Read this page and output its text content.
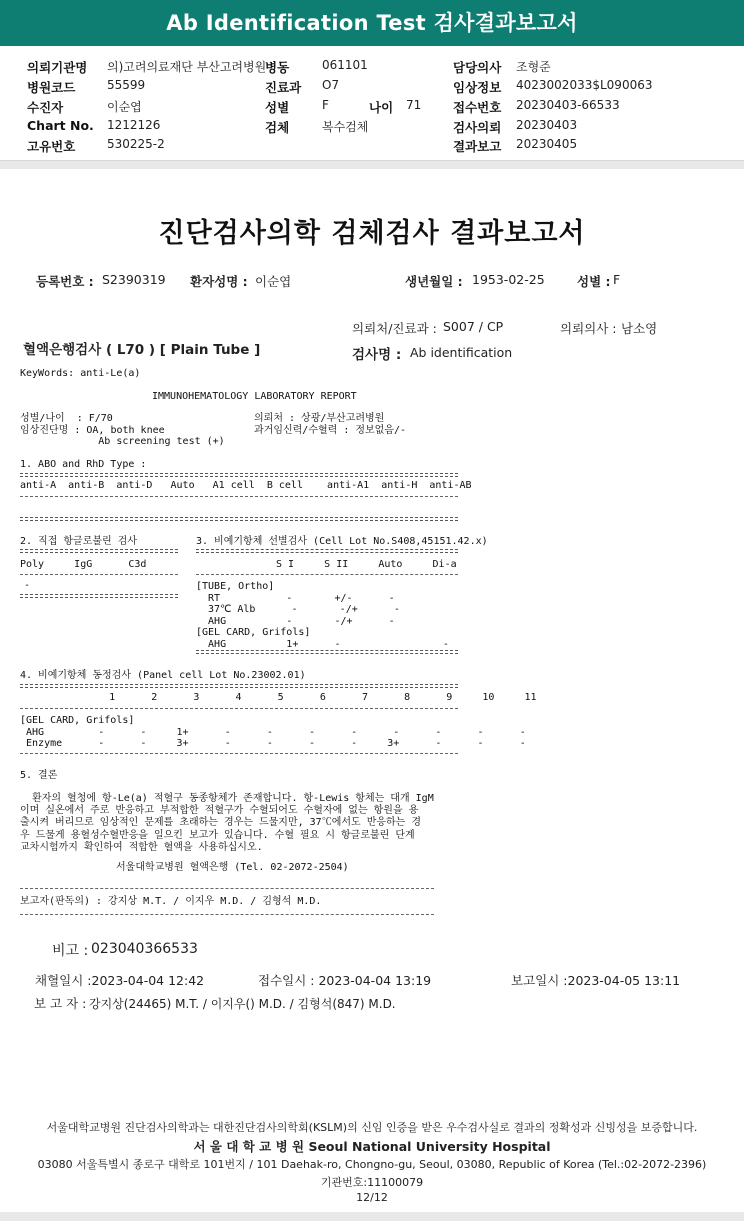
Ab Identification Test 검사결과보고서
의뢰기관명 의)고려의료재단 부산고려병원
병원코드	55599
수진자	이순엽
Chart No. 1212126
고유번호	530225-2
병동	061101
진료과 O7
성별	F
검체	복수검체
나이 71
담당의사 조형준
임상정보 4023002033$L090063
접수번호 20230403-66533
검사의뢰 20230403
결과보고 20230405
진단검사의학 검체검사 결과보고서
등록번호 : S2390319 환자성명 : 이순엽	생년월일 : 1953-02-25	성별 : F
의뢰처/진료과 : S007 / CP	의뢰의사 : 남소영
혈액은행검사 ( L70 ) [ Plain Tube ]	검사명 : Ab identification
KeyWords: anti-Le(a)
IMMUNOHEMATOLOGY LABORATORY REPORT
성별/나이  : F/70
임상진단명 : OA, both knee
Ab screening test (+)
의뢰처 : 상광/부산고려병원
과거임신력/수혈력 : 정보없음/-
1. ABO and RhD Type :
anti-A  anti-B  anti-D   Auto   A1 cell  B cell    anti-A1  anti-H  anti-AB
2. 직접 항글로불린 검사
Poly     IgG      C3d
-
3. 비예기항체 선별검사 (Cell Lot No.S408,45151.42.x)
S I     S II     Auto     Di-a
[TUBE, Ortho]
RT           -       +/-      -
37℃ Alb      -       -/+      -
AHG          -       -/+      -
[GEL CARD, Grifols]
AHG          1+      -                 -
4. 비예기항체 동정검사 (Panel cell Lot No.23002.01)
1      2      3      4      5      6      7      8      9     10     11
[GEL CARD, Grifols]
AHG         -      -     1+      -      -      -      -      -      -      -      -
Enzyme      -      -     3+      -      -      -      -     3+      -      -      -
5. 결론
환자의 혈청에 항-Le(a) 적혈구 동종항체가 존재합니다. 항-Lewis 항체는 대개 IgM
이며 실온에서 주로 반응하고 부적합한 적혈구가 수혈되어도 수혈자에 없는 항원을 용
출시켜 버리므로 임상적인 문제를 초래하는 경우는 드물지만, 37℃에서도 반응하는 경
우 드물게 용혈성수혈반응을 일으킨 보고가 있습니다. 수혈 필요 시 항글로불린 단계
교차시험까지 확인하여 적합한 혈액을 사용하십시오.
서울대학교병원 혈액은행 (Tel. 02-2072-2504)
보고자(판독의) : 강지상 M.T. / 이지우 M.D. / 김형석 M.D.
비고 : 023040366533
채혈일시 :2023-04-04 12:42	접수일시 : 2023-04-04 13:19	보고일시 :2023-04-05 13:11
보 고 자 : 강지상(24465) M.T. / 이지우() M.D. / 김형석(847) M.D.
서울대학교병원 진단검사의학과는 대한진단검사의학회(KSLM)의 신임 인증을 받은 우수검사실로 결과의 정확성과 신빙성을 보증합니다.
서 울 대 학 교 병 원 Seoul National University Hospital
03080 서울특별시 종로구 대학로 101번지 / 101 Daehak-ro, Chongno-gu, Seoul, 03080, Republic of Korea (Tel.:02-2072-2396)
기관번호:11100079
12/12
